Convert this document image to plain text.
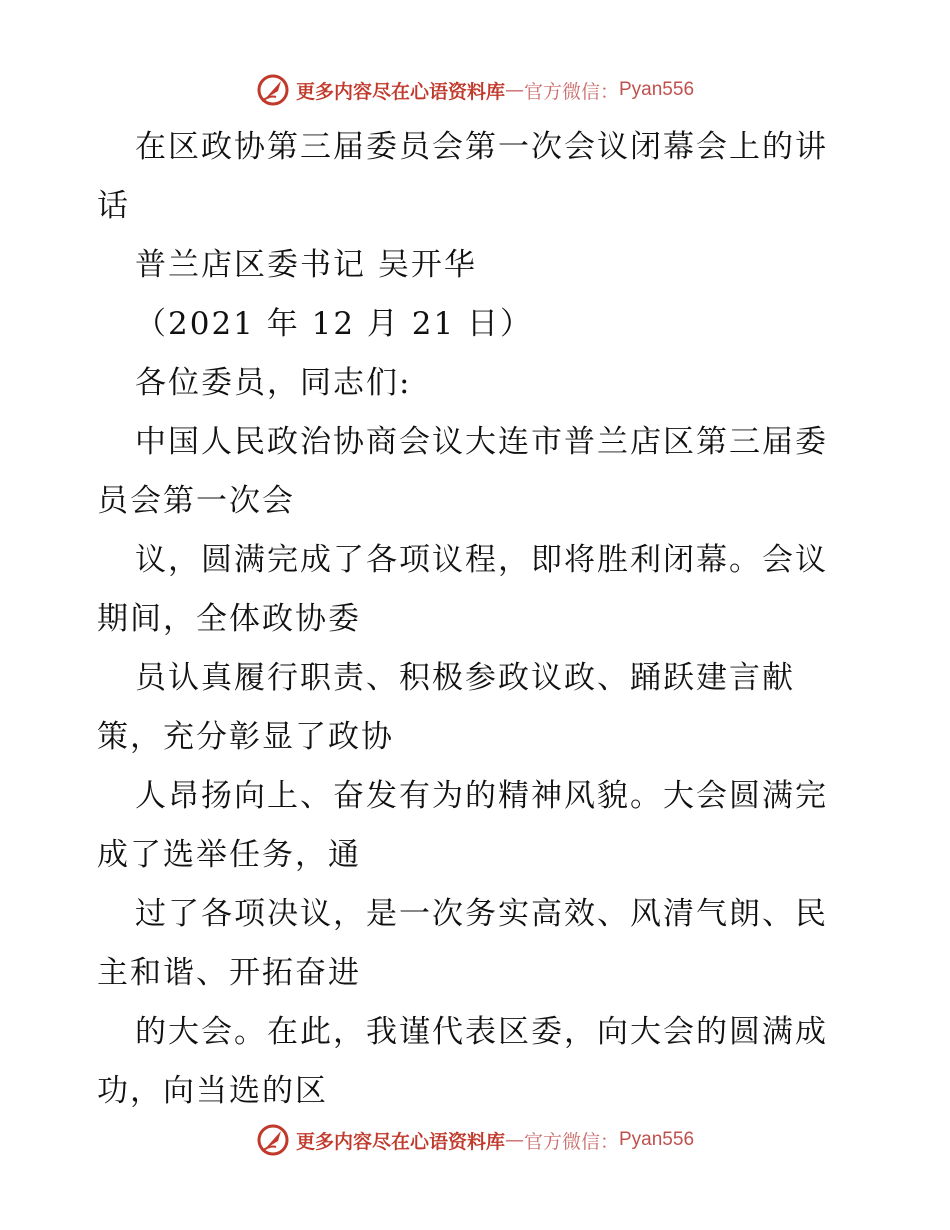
更多内容尽在心语资料库 — 官方微信： Pyan556

在区政协第三届委员会第一次会议闭幕会上的讲

话

普兰店区委书记 吴开华

（2021 年 12 月 21 日）

各位委员，同志们:

中国人民政治协商会议大连市普兰店区第三届委

员会第一次会

议，圆满完成了各项议程，即将胜利闭幕。会议

期间，全体政协委

员认真履行职责、积极参政议政、踊跃建言献

策，充分彰显了政协

人昂扬向上、奋发有为的精神风貌。大会圆满完

成了选举任务，通

过了各项决议，是一次务实高效、风清气朗、民

主和谐、开拓奋进

的大会。在此，我谨代表区委，向大会的圆满成

功，向当选的区

更多内容尽在心语资料库 — 官方微信： Pyan556
